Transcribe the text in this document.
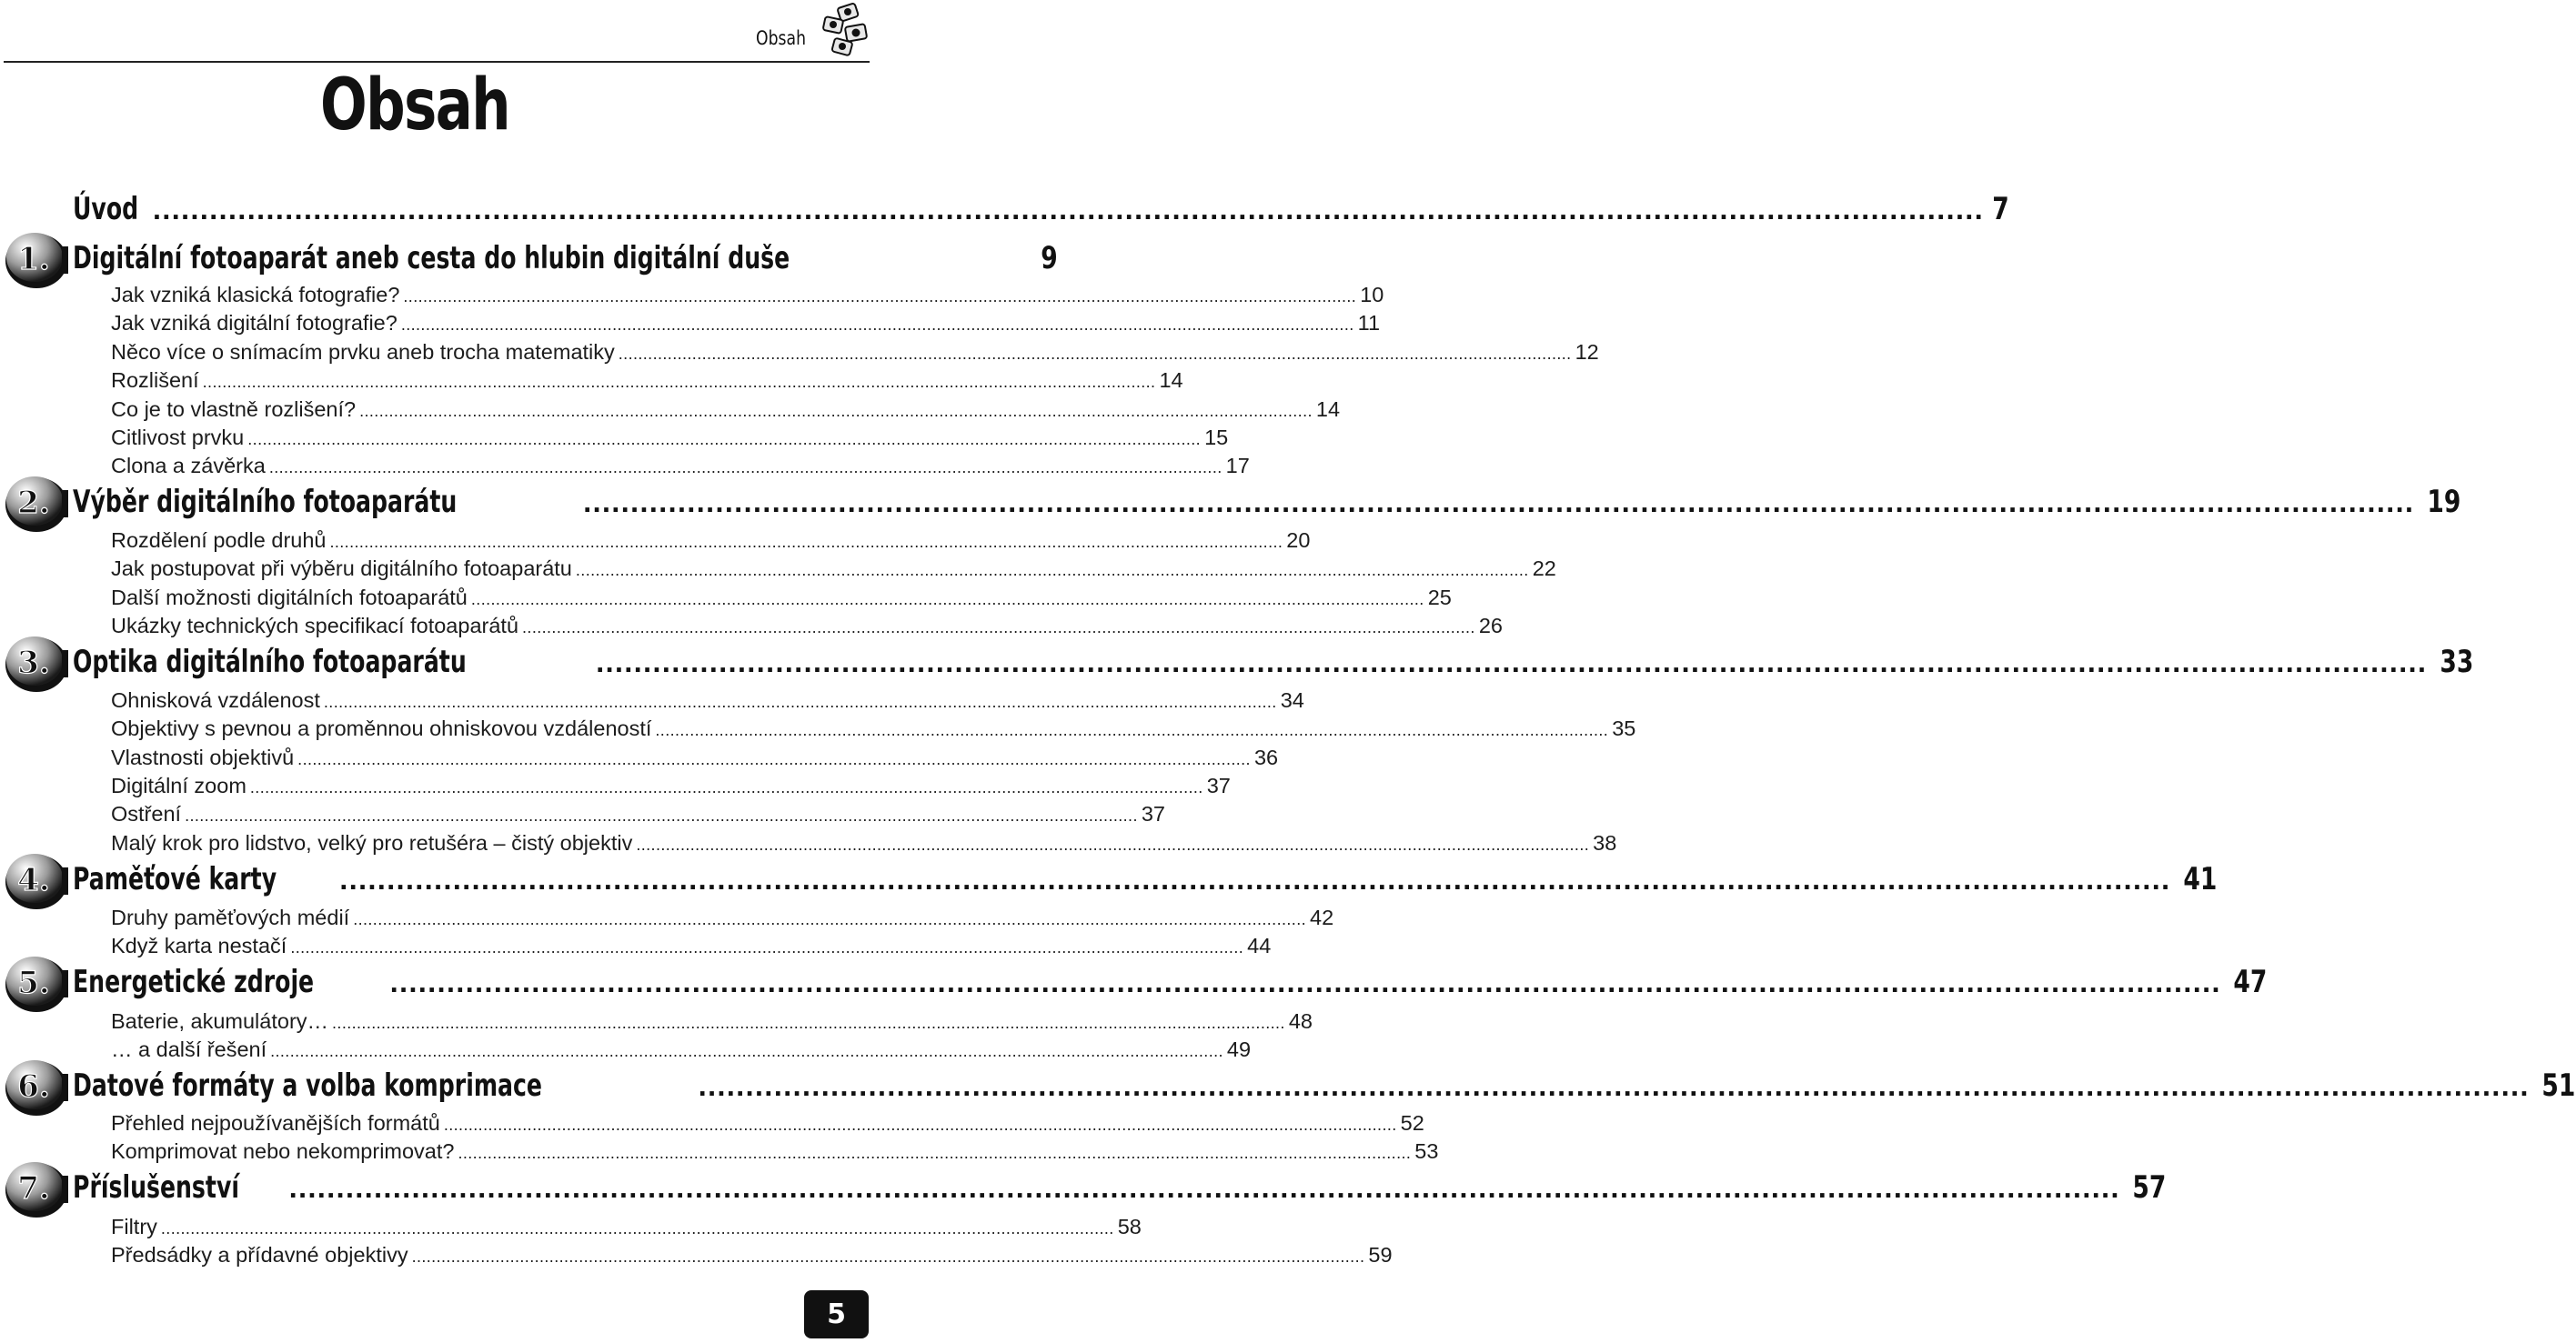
Obsah
Obsah
Úvod .....	7
Digitální fotoaparát aneb cesta do hlubin digitální duše	9
1.
Jak vzniká klasická fotografie? .....	10
Jak vzniká digitální fotografie? .....	11
Něco více o snímacím prvku aneb trocha matematiky .....	12
Rozlišení .....	14
Co je to vlastně rozlišení? .....	14
Citlivost prvku .....	15
Clona a závěrka .....	17
Výběr digitálního fotoaparátu .....	19
2.
Rozdělení podle druhů .....	20
Jak postupovat při výběru digitálního fotoaparátu .....	22
Další možnosti digitálních fotoaparátů .....	25
Ukázky technických specifikací fotoaparátů .....	26
Optika digitálního fotoaparátu .....	33
3.
Ohnisková vzdálenost .....	34
Objektivy s pevnou a proměnnou ohniskovou vzdáleností .....	35
Vlastnosti objektivů .....	36
Digitální zoom .....	37
Ostření .....	37
Malý krok pro lidstvo, velký pro retušéra – čistý objektiv .....	38
Paměťové karty .....	41
4.
Druhy paměťových médií .....	42
Když karta nestačí .....	44
Energetické zdroje .....	47
5.
Baterie, akumulátory… .....	48
… a další řešení .....	49
Datové formáty a volba komprimace .....	51
6.
Přehled nejpoužívanějších formátů .....	52
Komprimovat nebo nekomprimovat? .....	53
Příslušenství .....	57
7.
Filtry .....	58
Předsádky a přídavné objektivy .....	59
5
